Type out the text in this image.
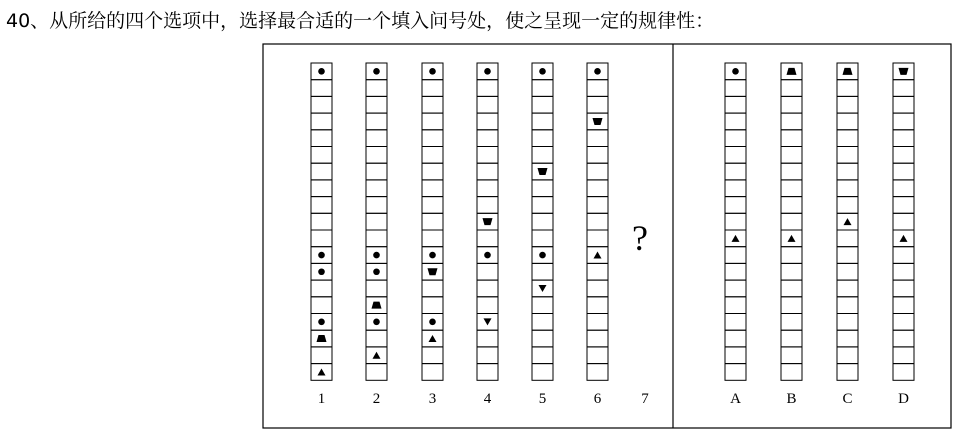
40、从所给的四个选项中，选择最合适的一个填入问号处，使之呈现一定的规律性：
1	2	3	4	5	6
?
7	A	B	C	D
